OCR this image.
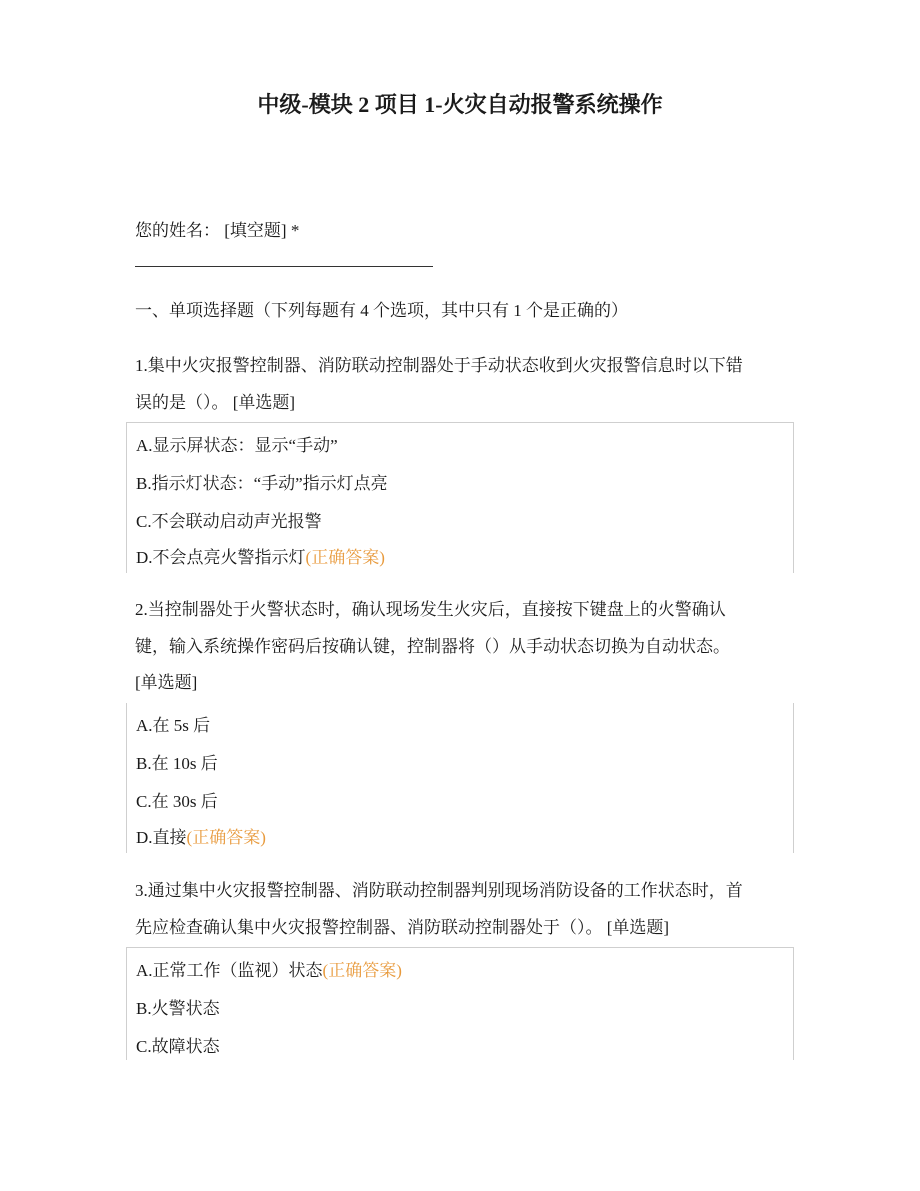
中级-模块 2 项目 1-火灾自动报警系统操作
您的姓名： [填空题] *
一、单项选择题（下列每题有 4 个选项，其中只有 1 个是正确的）
1.集中火灾报警控制器、消防联动控制器处于手动状态收到火灾报警信息时以下错
误的是（）。 [单选题]
A.显示屏状态：显示“手动”
B.指示灯状态：“手动”指示灯点亮
C.不会联动启动声光报警
D.不会点亮火警指示灯(正确答案)
2.当控制器处于火警状态时，确认现场发生火灾后，直接按下键盘上的火警确认
键，输入系统操作密码后按确认键，控制器将（）从手动状态切换为自动状态。
[单选题]
A.在 5s 后
B.在 10s 后
C.在 30s 后
D.直接(正确答案)
3.通过集中火灾报警控制器、消防联动控制器判别现场消防设备的工作状态时，首
先应检查确认集中火灾报警控制器、消防联动控制器处于（）。 [单选题]
A.正常工作（监视）状态(正确答案)
B.火警状态
C.故障状态
